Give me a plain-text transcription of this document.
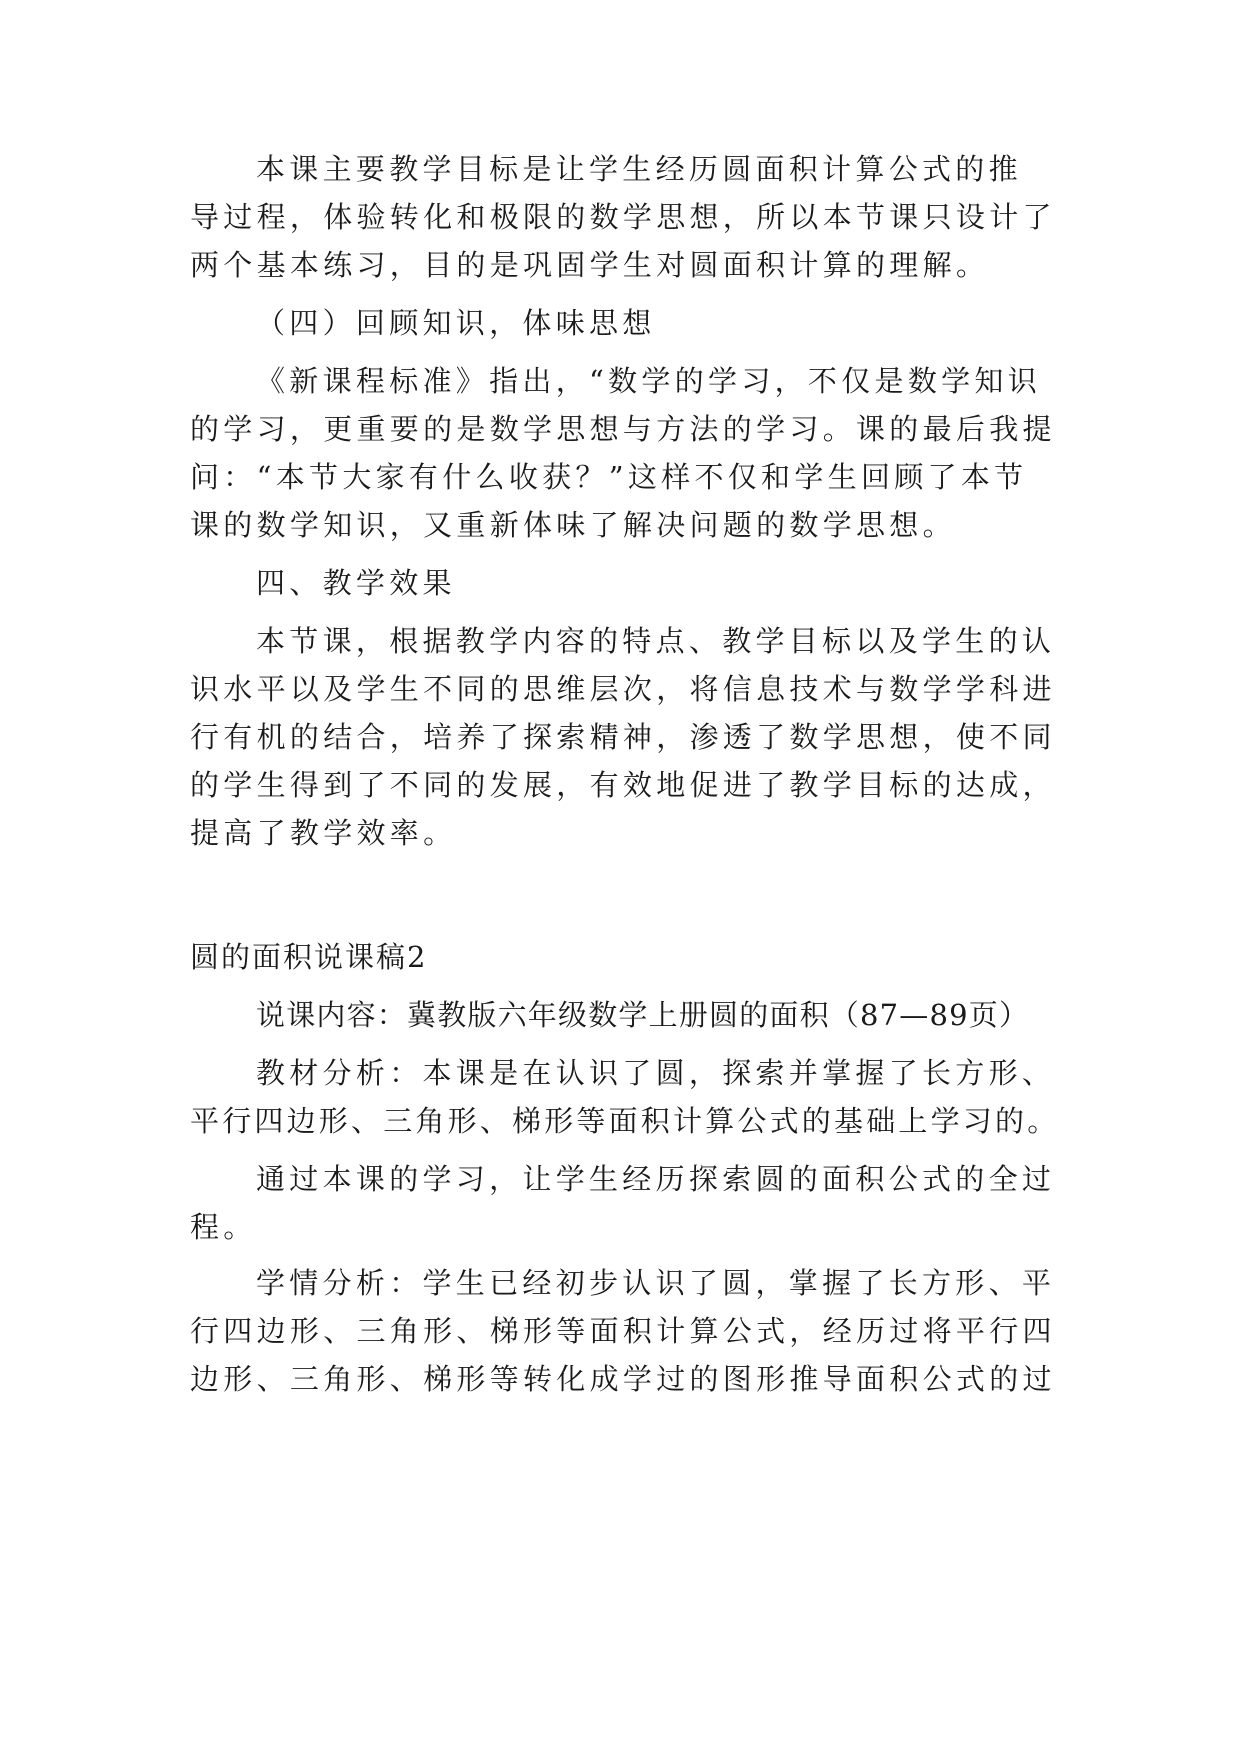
本课主要教学目标是让学生经历圆面积计算公式的推
导过程，体验转化和极限的数学思想，所以本节课只设计了
两个基本练习，目的是巩固学生对圆面积计算的理解。
（四）回顾知识，体味思想
《新课程标准》指出，“数学的学习，不仅是数学知识
的学习，更重要的是数学思想与方法的学习。课的最后我提
问：“本节大家有什么收获？”这样不仅和学生回顾了本节
课的数学知识，又重新体味了解决问题的数学思想。
四、教学效果
本节课，根据教学内容的特点、教学目标以及学生的认
识水平以及学生不同的思维层次，将信息技术与数学学科进
行有机的结合，培养了探索精神，渗透了数学思想，使不同
的学生得到了不同的发展，有效地促进了教学目标的达成，
提高了教学效率。
圆的面积说课稿2
说课内容：冀教版六年级数学上册圆的面积（87—89页）
教材分析：本课是在认识了圆，探索并掌握了长方形、
平行四边形、三角形、梯形等面积计算公式的基础上学习的。
通过本课的学习，让学生经历探索圆的面积公式的全过
程。
学情分析：学生已经初步认识了圆，掌握了长方形、平
行四边形、三角形、梯形等面积计算公式，经历过将平行四
边形、三角形、梯形等转化成学过的图形推导面积公式的过
